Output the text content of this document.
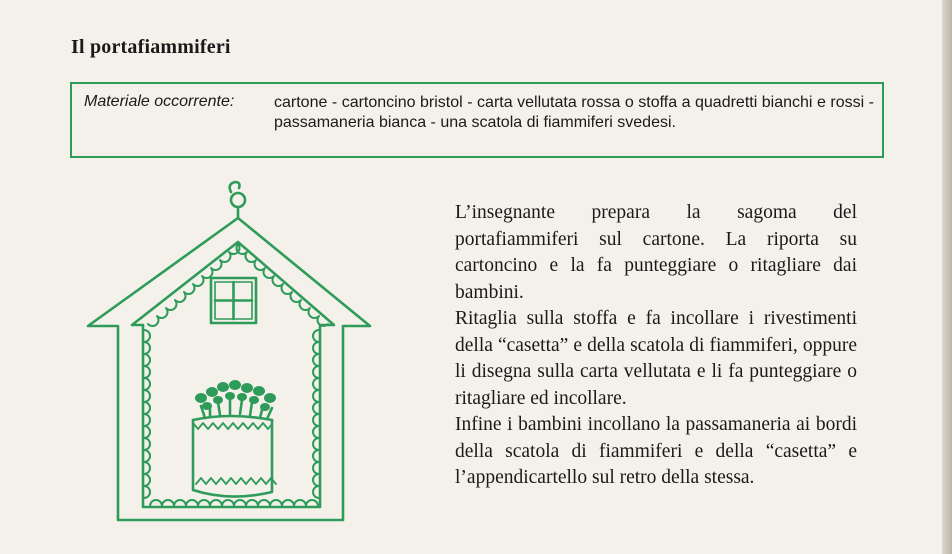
Il portafiammiferi
Materiale occorrente: cartone - cartoncino bristol - carta vellutata rossa o stoffa a quadretti bianchi e rossi - passamaneria bianca - una scatola di fiammiferi svedesi.

L’insegnante prepara la sagoma del portafiammiferi sul cartone. La riporta su cartoncino e la fa punteggiare o ritagliare dai bambini.

Ritaglia sulla stoffa e fa incollare i rivestimenti della “casetta” e della scatola di fiammiferi, oppure li disegna sulla carta vellutata e li fa punteggiare o ritagliare ed incollare.

Infine i bambini incollano la passamaneria ai bordi della scatola di fiammiferi e della “casetta” e l’appendicartello sul retro della stessa.
